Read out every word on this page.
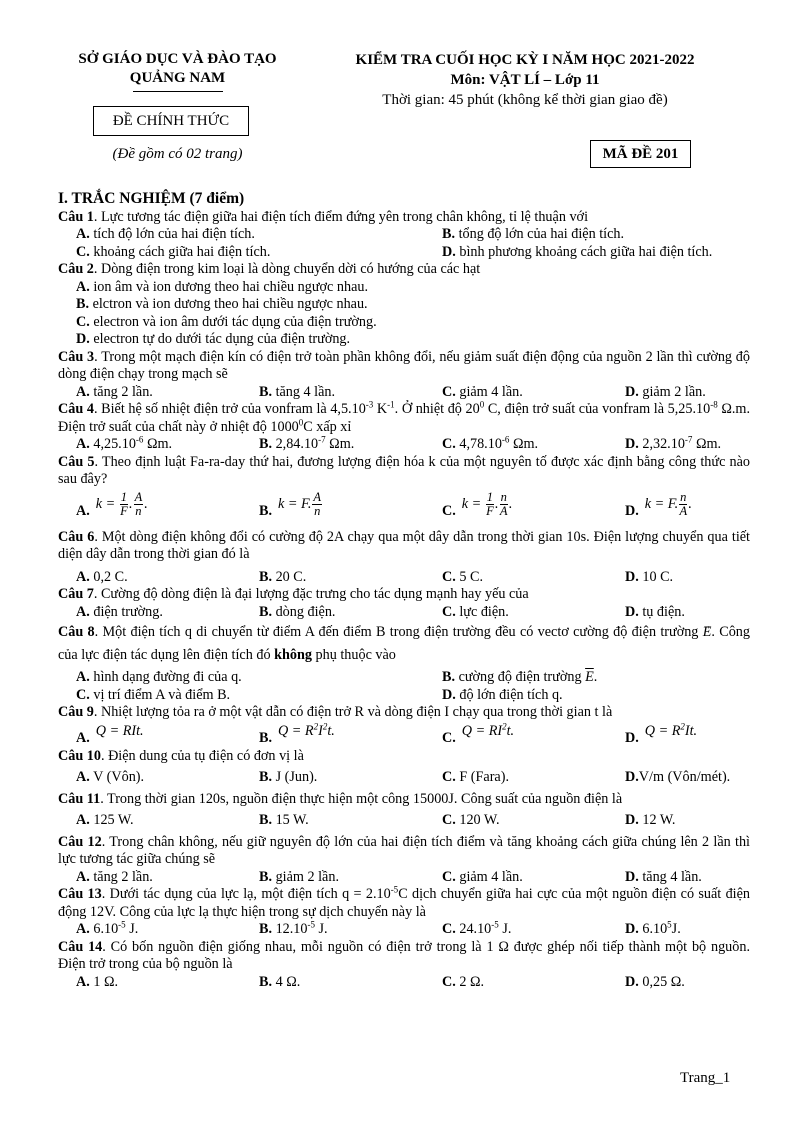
SỞ GIÁO DỤC VÀ ĐÀO TẠO
QUẢNG NAM
ĐỀ CHÍNH THỨC
(Đề gồm có 02 trang)
KIỂM TRA CUỐI HỌC KỲ I NĂM HỌC 2021-2022
Môn: VẬT LÍ – Lớp 11
Thời gian: 45 phút (không kể thời gian giao đề)
MÃ ĐỀ 201
I. TRẮC NGHIỆM (7 điểm)
Câu 1. Lực tương tác điện giữa hai điện tích điểm đứng yên trong chân không, tỉ lệ thuận với
A. tích độ lớn của hai điện tích.	B. tổng độ lớn của hai điện tích.
C. khoảng cách giữa hai điện tích.	D. bình phương khoảng cách giữa hai điện tích.
Câu 2. Dòng điện trong kim loại là dòng chuyển dời có hướng của các hạt
A. ion âm và ion dương theo hai chiều ngược nhau.
B. elctron và ion dương theo hai chiều ngược nhau.
C. electron và ion âm dưới tác dụng của điện trường.
D. electron tự do dưới tác dụng của điện trường.
Câu 3. Trong một mạch điện kín có điện trở toàn phần không đổi, nếu giảm suất điện động của nguồn 2 lần thì cường độ dòng điện chạy trong mạch sẽ
A. tăng 2 lần.	B. tăng 4 lần.	C. giảm 4 lần.	D. giảm 2 lần.
Câu 4. Biết hệ số nhiệt điện trở của vonfram là $4,5.10^{-3}$ $K^{-1}$. Ở nhiệt độ $20^0$ C, điện trở suất của vonfram là $5,25.10^{-8}$ Ω.m. Điện trở suất của chất này ở nhiệt độ 1000$^0$C xấp xỉ
A. $4,25.10^{-6}$ Ωm.	B. $2,84.10^{-7}$ Ωm.	C. $4,78.10^{-6}$ Ωm.	D. $2,32.10^{-7}$ Ωm.
Câu 5. Theo định luật Fa-ra-day thứ hai, đương lượng điện hóa k của một nguyên tố được xác định bằng công thức nào sau đây?
A. $k = \frac{1}{F}$ . $\frac{A}{n}$ .	B. k = F. $\frac{A}{n}$	C. $k = \frac{1}{F}$ . $\frac{n}{A}$ .	D. k = F. $\frac{n}{A}$ .
Câu 6. Một dòng điện không đổi có cường độ 2A chạy qua một dây dẫn trong thời gian 10s. Điện lượng chuyển qua tiết diện dây dẫn trong thời gian đó là
A. 0,2 C.	B. 20 C.	C. 5 C.	D. 10 C.
Câu 7. Cường độ dòng điện là đại lượng đặc trưng cho tác dụng mạnh hay yếu của
A. điện trường.	B. dòng điện.	C. lực điện.	D. tụ điện.
Câu 8. Một điện tích q di chuyển từ điểm A đến điểm B trong điện trường đều có vectơ cường độ điện trường → E. Công của lực điện tác dụng lên điện tích đó không phụ thuộc vào
A. hình dạng đường đi của q.	B. cường độ điện trường $\overline{E}$.
C. vị trí điểm A và điểm B.	D. độ lớn điện tích q.
Câu 9. Nhiệt lượng tỏa ra ở một vật dẫn có điện trở R và dòng điện I chạy qua trong thời gian t là
A. Q = RIt.	B. $Q = R^2I^2t$.	C. $Q = RI^2t$.	D. $Q = R^2It$.
Câu 10. Điện dung của tụ điện có đơn vị là
A. V (Vôn).	B. J (Jun).	C. F (Fara).	D.V/m (Vôn/mét).
Câu 11. Trong thời gian 120s, nguồn điện thực hiện một công 15000J. Công suất của nguồn điện là
A. 125 W.	B. 15 W.	C. 120 W.	D. 12 W.
Câu 12. Trong chân không, nếu giữ nguyên độ lớn của hai điện tích điểm và tăng khoảng cách giữa chúng lên 2 lần thì lực tương tác giữa chúng sẽ
A. tăng 2 lần.	B. giảm 2 lần.	C. giảm 4 lần.	D. tăng 4 lần.
Câu 13. Dưới tác dụng của lực lạ, một điện tích $q = 2.10^{-5}C$ dịch chuyển giữa hai cực của một nguồn điện có suất điện động 12V. Công của lực lạ thực hiện trong sự dịch chuyển này là
A. $6.10^{-5}$ J.	B. $12.10^{-5}$ J.	C. $24.10^{-5}$ J.	D. 6.10$^5$J.
Câu 14. Có bốn nguồn điện giống nhau, mỗi nguồn có điện trở trong là 1 Ω được ghép nối tiếp thành một bộ nguồn. Điện trở trong của bộ nguồn là
A. 1 Ω.	B. 4 Ω.	C. 2 Ω.	D. 0,25 Ω.
Trang_1
